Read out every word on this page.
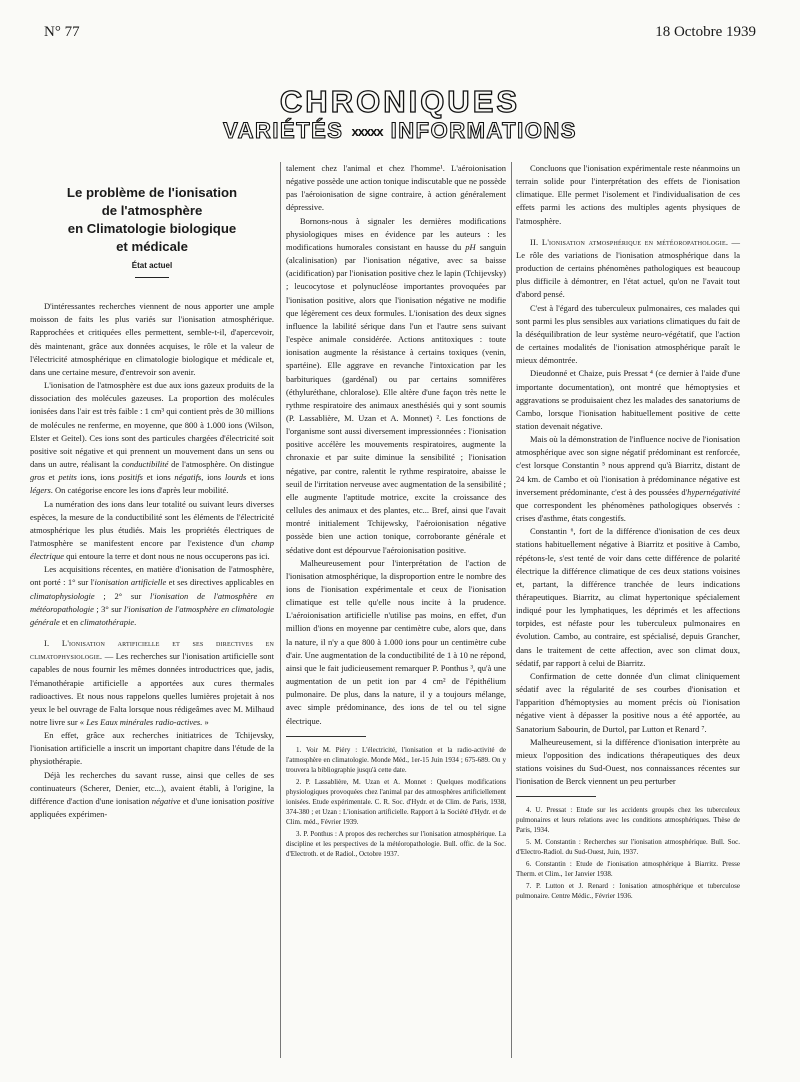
N° 77	18 Octobre 1939
CHRONIQUES
VARIÉTÉS xxxxx INFORMATIONS
Le problème de l'ionisation
de l'atmosphère
en Climatologie biologique
et médicale
État actuel

D'intéressantes recherches viennent de nous apporter une ample moisson de faits les plus variés sur l'ionisation atmosphérique. Rapprochées et critiquées elles permettent, semble-t-il, d'apercevoir, dès maintenant, grâce aux données acquises, le rôle et la valeur de l'électricité atmosphérique en climatologie biologique et médicale et, dans une certaine mesure, d'entrevoir son avenir.

L'ionisation de l'atmosphère est due aux ions gazeux produits de la dissociation des molécules gazeuses. La proportion des molécules ionisées dans l'air est très faible : 1 cm³ qui contient près de 30 millions de molécules ne renferme, en moyenne, que 800 à 1.000 ions (Wilson, Elster et Geitel). Ces ions sont des particules chargées d'électricité soit positive soit négative et qui prennent un mouvement dans un sens ou dans un autre, réalisant la conductibilité de l'atmosphère. On distingue gros et petits ions, ions positifs et ions négatifs, ions lourds et ions légers. On catégorise encore les ions d'après leur mobilité.

La numération des ions dans leur totalité ou suivant leurs diverses espèces, la mesure de la conductibilité sont les éléments de l'électricité atmosphérique les plus étudiés. Mais les propriétés électriques de l'atmosphère se manifestent encore par l'existence d'un champ électrique qui entoure la terre et dont nous ne nous occuperons pas ici.

Les acquisitions récentes, en matière d'ionisation de l'atmosphère, ont porté : 1° sur l'ionisation artificielle et ses directives applicables en climatophysiologie ; 2° sur l'ionisation de l'atmosphère en météoropathologie ; 3° sur l'ionisation de l'atmosphère en climatologie générale et en climatothérapie.

I. L'ionisation artificielle et ses directives en climatophysiologie. — Les recherches sur l'ionisation artificielle sont capables de nous fournir les mêmes données introductrices que, jadis, l'émanothérapie artificielle a apportées aux cures thermales radioactives. Et nous nous rappelons quelles lumières projetait à nos yeux le bel ouvrage de Falta lorsque nous rédigeâmes avec M. Milhaud notre livre sur « Les Eaux minérales radio-actives. »

En effet, grâce aux recherches initiatrices de Tchijevsky, l'ionisation artificielle a inscrit un important chapitre dans l'étude de la physiothérapie.

Déjà les recherches du savant russe, ainsi que celles de ses continuateurs (Scherer, Denier, etc...), avaient établi, à l'origine, la différence d'action d'une ionisation négative et d'une ionisation positive appliquées expérimen-

talement chez l'animal et chez l'homme¹. L'aéroionisation négative possède une action tonique indiscutable que ne possède pas l'aéroionisation de signe contraire, à action généralement dépressive.

Bornons-nous à signaler les dernières modifications physiologiques mises en évidence par les auteurs : les modifications humorales consistant en hausse du pH sanguin (alcalinisation) par l'ionisation négative, avec sa baisse (acidification) par l'ionisation positive chez le lapin (Tchijevsky) ; leucocytose et polynucléose importantes provoquées par l'ionisation positive, alors que l'ionisation négative ne modifie que légèrement ces deux formules. L'ionisation des deux signes influence la labilité sérique dans l'un et l'autre sens suivant l'espèce animale considérée. Actions antitoxiques : toute ionisation augmente la résistance à certains toxiques (venin, spartéine). Elle aggrave en revanche l'intoxication par les barbituriques (gardénal) ou par certains somnifères (éthyluréthane, chloralose). Elle altère d'une façon très nette le rythme respiratoire des animaux anesthésiés qui y sont soumis (P. Lassablière, M. Uzan et A. Monnet) ². Les fonctions de l'organisme sont aussi diversement impressionnées : l'ionisation positive accélère les mouvements respiratoires, augmente la chronaxie et par suite diminue la sensibilité ; l'ionisation négative, par contre, ralentit le rythme respiratoire, abaisse le seuil de l'irritation nerveuse avec augmentation de la sensibilité ; elle augmente l'aptitude motrice, excite la croissance des cellules des animaux et des plantes, etc... Bref, ainsi que l'avait montré initialement Tchijewsky, l'aéroionisation négative possède bien une action tonique, corroborante générale et sédative dont est dépourvue l'aéroionisation positive.

Malheureusement pour l'interprétation de l'action de l'ionisation atmosphérique, la disproportion entre le nombre des ions de l'ionisation expérimentale et ceux de l'ionisation climatique est telle qu'elle nous incite à la prudence. L'aéroionisation artificielle n'utilise pas moins, en effet, d'un million d'ions en moyenne par centimètre cube, alors que, dans la nature, il n'y a que 800 à 1.000 ions pour un centimètre cube d'air. Une augmentation de la conductibilité de 1 à 10 ne répond, ainsi que le fait judicieusement remarquer P. Ponthus ³, qu'à une augmentation de un petit ion par 4 cm² de l'épithélium pulmonaire. De plus, dans la nature, il y a toujours mélange, avec simple prédominance, des ions de tel ou tel signe électrique.

1. Voir M. Piéry : L'électricité, l'ionisation et la radio-activité de l'atmosphère en climatologie. Monde Méd., 1er-15 Juin 1934 ; 675-689. On y trouvera la bibliographie jusqu'à cette date.

2. P. Lassablière, M. Uzan et A. Monnet : Quelques modifications physiologiques provoquées chez l'animal par des atmosphères artificiellement ionisées. Etude expérimentale. C. R. Soc. d'Hydr. et de Clim. de Paris, 1938, 374-380 ; et Uzan : L'ionisation artificielle. Rapport à la Société d'Hydr. et de Clim. méd., Février 1939.

3. P. Ponthus : A propos des recherches sur l'ionisation atmosphérique. La discipline et les perspectives de la météoropathologie. Bull. offic. de la Soc. d'Electroth. et de Radiol., Octobre 1937.

Concluons que l'ionisation expérimentale reste néanmoins un terrain solide pour l'interprétation des effets de l'ionisation climatique. Elle permet l'isolement et l'individualisation de ces effets parmi les actions des multiples agents physiques de l'atmosphère.

II. L'ionisation atmosphérique en météoropathologie. — Le rôle des variations de l'ionisation atmosphérique dans la production de certains phénomènes pathologiques est beaucoup plus difficile à démontrer, en l'état actuel, qu'on ne l'avait tout d'abord pensé.

C'est à l'égard des tuberculeux pulmonaires, ces malades qui sont parmi les plus sensibles aux variations climatiques du fait de la déséquilibration de leur système neuro-végétatif, que l'action de certaines modalités de l'ionisation atmosphérique paraît le mieux démontrée.

Dieudonné et Chaize, puis Pressat ⁴ (ce dernier à l'aide d'une importante documentation), ont montré que hémoptysies et aggravations se produisaient chez les malades des sanatoriums de Cambo, lorsque l'ionisation habituellement positive de cette station devenait négative.

Mais où la démonstration de l'influence nocive de l'ionisation atmosphérique avec son signe négatif prédominant est renforcée, c'est lorsque Constantin ⁵ nous apprend qu'à Biarritz, distant de 24 km. de Cambo et où l'ionisation à prédominance négative est inversement prédominante, c'est à des poussées d'hypernégativité que correspondent les phénomènes pathologiques observés : crises d'asthme, états congestifs.

Constantin ⁶, fort de la différence d'ionisation de ces deux stations habituellement négative à Biarritz et positive à Cambo, répétons-le, s'est tenté de voir dans cette différence de polarité électrique la différence climatique de ces deux stations voisines et, partant, la différence tranchée de leurs indications thérapeutiques. Biarritz, au climat hypertonique spécialement indiqué pour les lymphatiques, les déprimés et les affections torpides, est néfaste pour les tuberculeux pulmonaires en évolution. Cambo, au contraire, est spécialisé, depuis Grancher, dans le traitement de cette affection, avec son climat doux, sédatif, par rapport à celui de Biarritz.

Confirmation de cette donnée d'un climat cliniquement sédatif avec la régularité de ses courbes d'ionisation et l'apparition d'hémoptysies au moment précis où l'ionisation négative vient à dépasser la positive nous a été apportée, au Sanatorium Sabourin, de Durtol, par Lutton et Renard ⁷.

Malheureusement, si la différence d'ionisation interprète au mieux l'opposition des indications thérapeutiques des deux stations voisines du Sud-Ouest, nos connaissances récentes sur l'ionisation de Berck viennent un peu perturber

4. U. Pressat : Etude sur les accidents groupés chez les tuberculeux pulmonaires et leurs relations avec les conditions atmosphériques. Thèse de Paris, 1934.

5. M. Constantin : Recherches sur l'ionisation atmosphérique. Bull. Soc. d'Electro-Radiol. du Sud-Ouest, Juin, 1937.

6. Constantin : Etude de l'ionisation atmosphérique à Biarritz. Presse Therm. et Clim., 1er Janvier 1938.

7. P. Lutton et J. Renard : Ionisation atmosphérique et tuberculose pulmonaire. Centre Médic., Février 1936.
